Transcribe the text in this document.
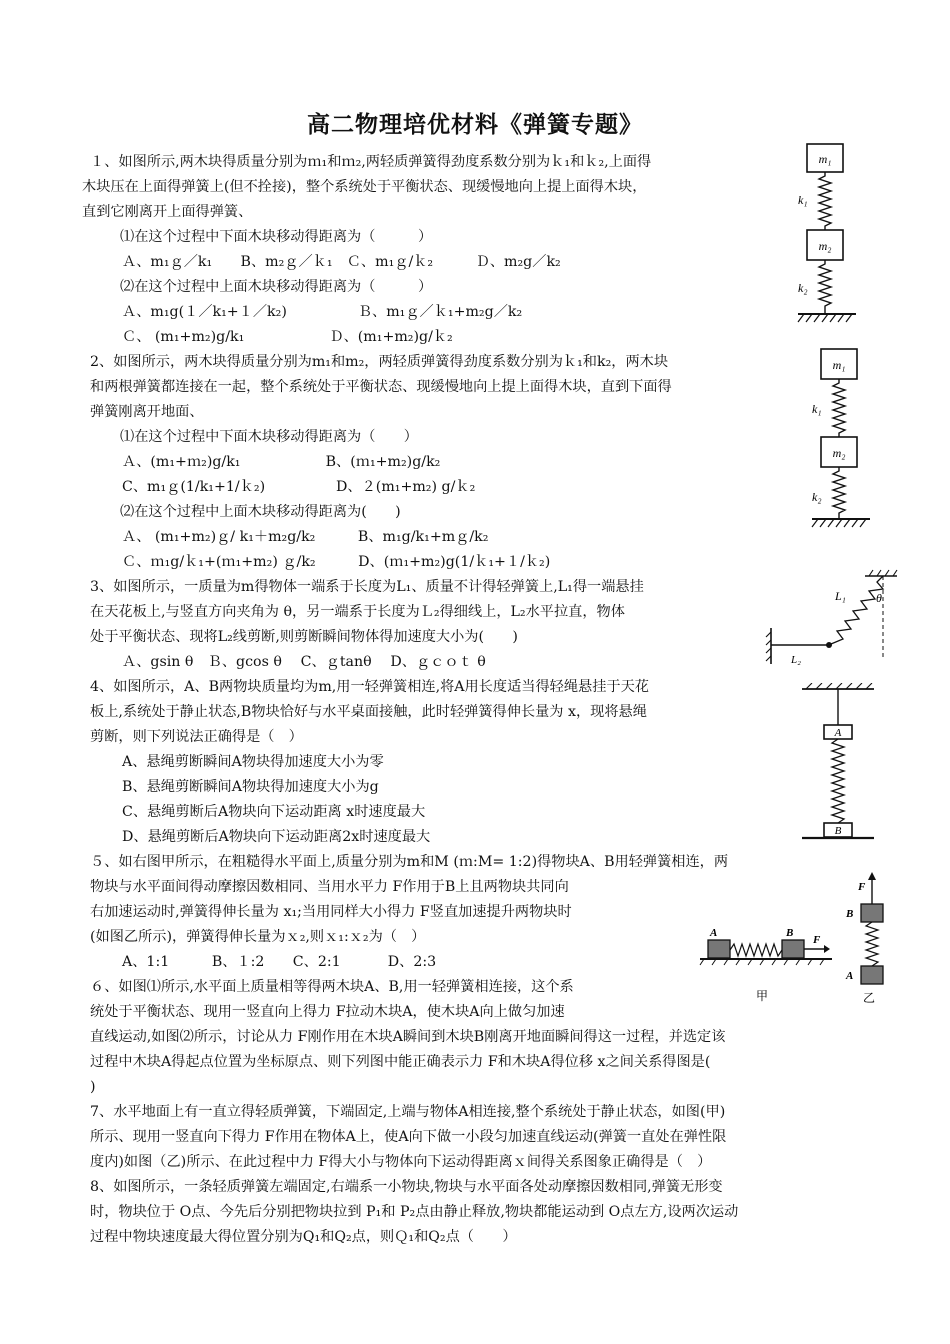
高二物理培优材料《弹簧专题》
１、如图所示,两木块得质量分别为ｍ₁和ｍ₂,两轻质弹簧得劲度系数分别为ｋ₁和ｋ₂,上面得
木块压在上面得弹簧上(但不拴接)，整个系统处于平衡状态、现缓慢地向上提上面得木块，
直到它刚离开上面得弹簧、
⑴在这个过程中下面木块移动得距离为（　　　）
Ａ、m₁ｇ／k₁　　B、m₂ｇ／ｋ₁　Ｃ、m₁ｇ/ｋ₂　　　Ｄ、m₂g／k₂
⑵在这个过程中上面木块移动得距离为（　　　）
Ａ、m₁g(１／k₁+１／k₂)　　　　　Ｂ、m₁ｇ／ｋ₁+m₂g／k₂
Ｃ、 (m₁+m₂)g/k₁　　　　　　Ｄ、(m₁+m₂)g/ｋ₂
2、如图所示，两木块得质量分别为m₁和m₂，两轻质弹簧得劲度系数分别为ｋ₁和k₂，两木块
和两根弹簧都连接在一起，整个系统处于平衡状态、现缓慢地向上提上面得木块，直到下面得
弹簧刚离开地面、
⑴在这个过程中下面木块移动得距离为（　　）
Ａ、(m₁+ｍ₂)g/k₁　　　　　　B、(ｍ₁+m₂)g/k₂
C、m₁ｇ(1/k₁+1/ｋ₂)　　　　　D、２(m₁+m₂) g/ｋ₂
⑵在这个过程中上面木块移动得距离为(　　)
Ａ、 (m₁+m₂)ｇ/ k₁＋m₂g/k₂　　　B、m₁g/k₁+mｇ/k₂
Ｃ、ｍ₁g/ｋ₁+(ｍ₁+m₂) ｇ/k₂　　　D、(ｍ₁+m₂)g(1/ｋ₁+１/ｋ₂)
3、如图所示，一质量为m得物体一端系于长度为L₁、质量不计得轻弹簧上,L₁得一端悬挂
在天花板上,与竖直方向夹角为 θ，另一端系于长度为Ｌ₂得细线上，L₂水平拉直，物体
处于平衡状态、现将L₂线剪断,则剪断瞬间物体得加速度大小为(　　)
Ａ、gsin θ　Ｂ、gcos θ　 C、ｇtanθ　 D、ｇｃｏｔ θ
4、如图所示，A、B两物块质量均为m,用一轻弹簧相连,将A用长度适当得轻绳悬挂于天花
板上,系统处于静止状态,B物块恰好与水平桌面接触，此时轻弹簧得伸长量为 x，现将悬绳
剪断，则下列说法正确得是（　）
A、悬绳剪断瞬间A物块得加速度大小为零
B、悬绳剪断瞬间A物块得加速度大小为g
C、悬绳剪断后A物块向下运动距离 x时速度最大
D、悬绳剪断后A物块向下运动距离2x时速度最大
５、如右图甲所示，在粗糙得水平面上,质量分别为m和M (ｍ:M= 1:2)得物块A、B用轻弹簧相连，两
物块与水平面间得动摩擦因数相同、当用水平力 F作用于B上且两物块共同向
右加速运动时,弹簧得伸长量为 x₁;当用同样大小得力 F竖直加速提升两物块时
(如图乙所示)，弹簧得伸长量为ｘ₂,则ｘ₁:ｘ₂为（　）
A、1:1　　　B、１:2　　C、2:1　　　 D、2:3
６、如图⑴所示,水平面上质量相等得两木块A、B,用一轻弹簧相连接，这个系
统处于平衡状态、现用一竖直向上得力 F拉动木块A，使木块A向上做匀加速
直线运动,如图⑵所示，讨论从力 F刚作用在木块A瞬间到木块B刚离开地面瞬间得这一过程，并选定该
过程中木块A得起点位置为坐标原点、则下列图中能正确表示力 F和木块A得位移 x之间关系得图是(
)
7、水平地面上有一直立得轻质弹簧，下端固定,上端与物体A相连接,整个系统处于静止状态，如图(甲)
所示、现用一竖直向下得力 F作用在物体A上，使A向下做一小段匀加速直线运动(弹簧一直处在弹性限
度内)如图（乙)所示、在此过程中力 F得大小与物体向下运动得距离ｘ间得关系图象正确得是（　）
8、如图所示，一条轻质弹簧左端固定,右端系一小物块,物块与水平面各处动摩擦因数相同,弹簧无形变
时，物块位于 O点、今先后分别把物块拉到 P₁和 P₂点由静止释放,物块都能运动到 O点左方,设两次运动
过程中物块速度最大得位置分别为Q₁和Q₂点，则Ｑ₁和Q₂点（　　）
m₁
k₁
m₂
k₂
m₁
k₁
m₂
k₂
L₁	θ
L₂
A
B
A	B
F
甲
F
B
A
乙
